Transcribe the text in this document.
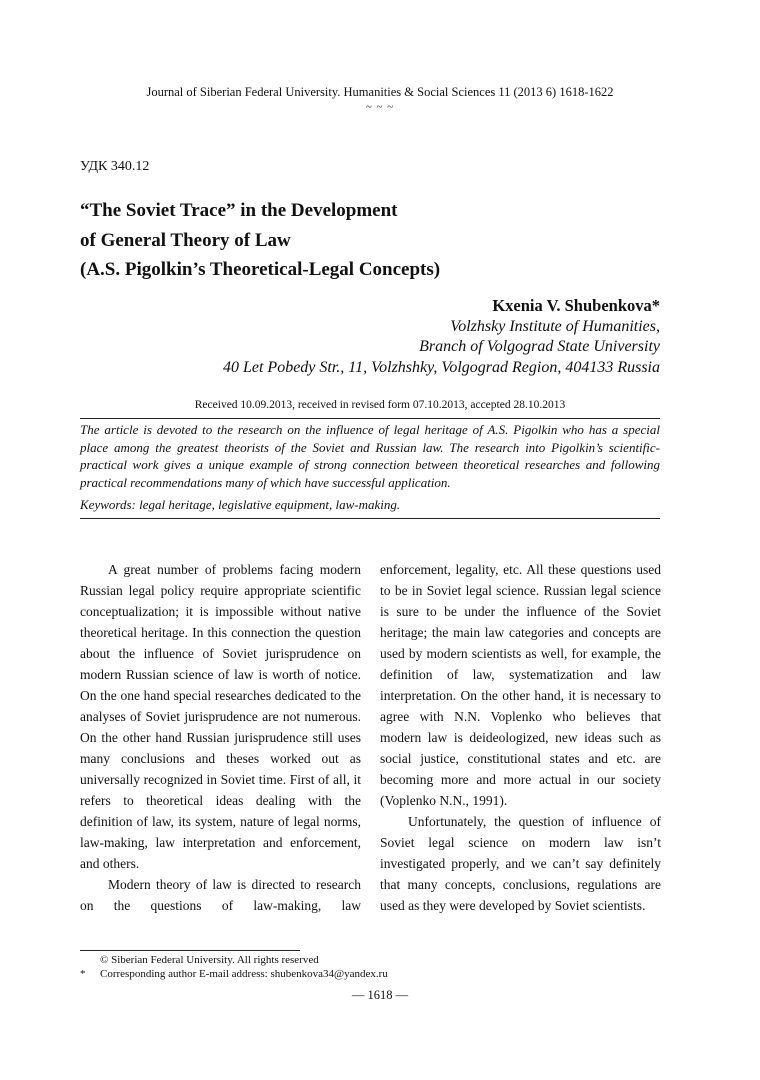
Journal of Siberian Federal University. Humanities & Social Sciences 11 (2013 6) 1618-1622
~ ~ ~
УДК 340.12
“The Soviet Trace” in the Development
of General Theory of Law
(A.S. Pigolkin’s Theoretical-Legal Concepts)
Kxenia V. Shubenkova*
Volzhsky Institute of Humanities,
Branch of Volgograd State University
40 Let Pobedy Str., 11, Volzhshky, Volgograd Region, 404133 Russia
Received 10.09.2013, received in revised form 07.10.2013, accepted 28.10.2013
The article is devoted to the research on the influence of legal heritage of A.S. Pigolkin who has a special place among the greatest theorists of the Soviet and Russian law. The research into Pigolkin’s scientific-practical work gives a unique example of strong connection between theoretical researches and following practical recommendations many of which have successful application.
Keywords: legal heritage, legislative equipment, law-making.

A great number of problems facing modern Russian legal policy require appropriate scientific conceptualization; it is impossible without native theoretical heritage. In this connection the question about the influence of Soviet jurisprudence on modern Russian science of law is worth of notice. On the one hand special researches dedicated to the analyses of Soviet jurisprudence are not numerous. On the other hand Russian jurisprudence still uses many conclusions and theses worked out as universally recognized in Soviet time. First of all, it refers to theoretical ideas dealing with the definition of law, its system, nature of legal norms, law-making, law interpretation and enforcement, and others.

Modern theory of law is directed to research on the questions of law-making, law

enforcement, legality, etc. All these questions used to be in Soviet legal science. Russian legal science is sure to be under the influence of the Soviet heritage; the main law categories and concepts are used by modern scientists as well, for example, the definition of law, systematization and law interpretation. On the other hand, it is necessary to agree with N.N. Voplenko who believes that modern law is deideologized, new ideas such as social justice, constitutional states and etc. are becoming more and more actual in our society (Voplenko N.N., 1991).

Unfortunately, the question of influence of Soviet legal science on modern law isn’t investigated properly, and we can’t say definitely that many concepts, conclusions, regulations are used as they were developed by Soviet scientists.

© Siberian Federal University. All rights reserved
* Corresponding author E-mail address: shubenkova34@yandex.ru
— 1618 —
